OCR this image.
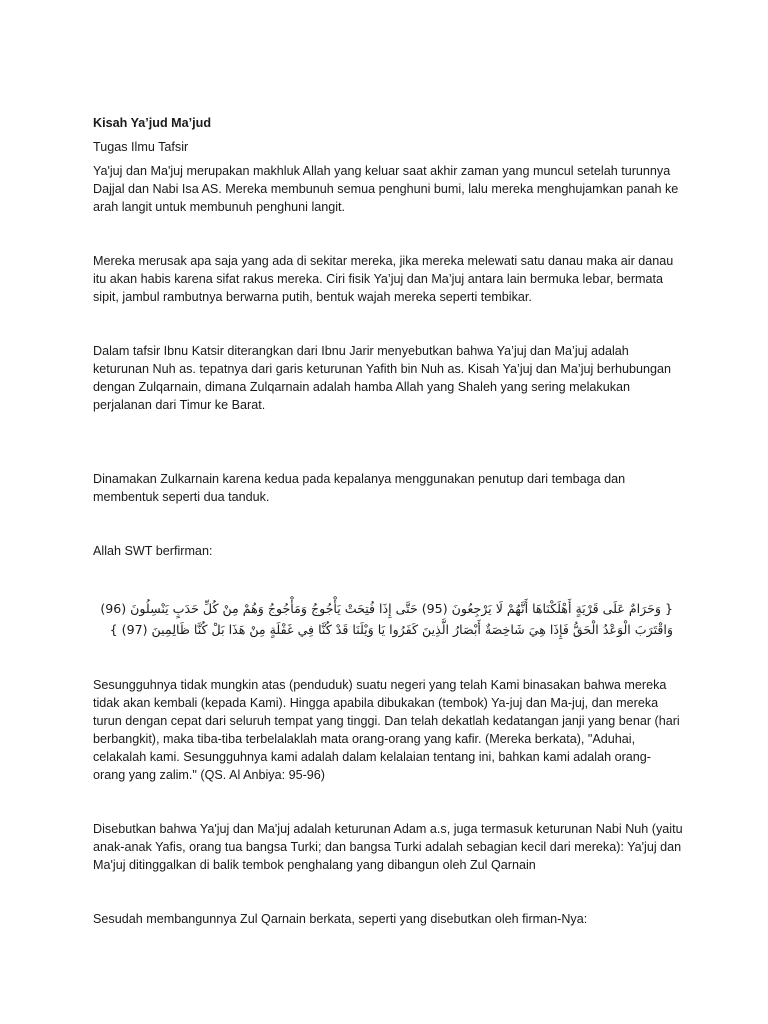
Kisah Ya’jud Ma’jud

Tugas Ilmu Tafsir

Ya'juj dan Ma'juj merupakan makhluk Allah yang keluar saat akhir zaman yang muncul setelah turunnya Dajjal dan Nabi Isa AS. Mereka membunuh semua penghuni bumi, lalu mereka menghujamkan panah ke arah langit untuk membunuh penghuni langit.

Mereka merusak apa saja yang ada di sekitar mereka, jika mereka melewati satu danau maka air danau itu akan habis karena sifat rakus mereka. Ciri fisik Ya’juj dan Ma’juj antara lain bermuka lebar, bermata sipit, jambul rambutnya berwarna putih, bentuk wajah mereka seperti tembikar.

Dalam tafsir Ibnu Katsir diterangkan dari Ibnu Jarir menyebutkan bahwa Ya’juj dan Ma’juj adalah keturunan Nuh as. tepatnya dari garis keturunan Yafith bin Nuh as. Kisah Ya’juj dan Ma’juj berhubungan dengan Zulqarnain, dimana Zulqarnain adalah hamba Allah yang Shaleh yang sering melakukan perjalanan dari Timur ke Barat.

Dinamakan Zulkarnain karena kedua pada kepalanya menggunakan penutup dari tembaga dan membentuk seperti dua tanduk.

Allah SWT berfirman:

{ وَحَرَامٌ عَلَى قَرْيَةٍ أَهْلَكْنَاهَا أَنَّهُمْ لَا يَرْجِعُونَ (95) حَتَّى إِذَا فُتِحَتْ يَأْجُوجُ وَمَأْجُوجُ وَهُمْ مِنْ كُلِّ حَدَبٍ يَنْسِلُونَ (96) وَاقْتَرَبَ الْوَعْدُ الْحَقُّ فَإِذَا هِيَ شَاخِصَةٌ أَبْصَارُ الَّذِينَ كَفَرُوا يَا وَيْلَنَا قَدْ كُنَّا فِي غَفْلَةٍ مِنْ هَذَا بَلْ كُنَّا ظَالِمِينَ (97) }

Sesungguhnya tidak mungkin atas (penduduk) suatu negeri yang telah Kami binasakan bahwa mereka tidak akan kembali (kepada Kami). Hingga apabila dibukakan (tembok) Ya-juj dan Ma-juj, dan mereka turun dengan cepat dari seluruh tempat yang tinggi. Dan telah dekatlah kedatangan janji yang benar (hari berbangkit), maka tiba-tiba terbelalaklah mata orang-orang yang kafir. (Mereka berkata), "Aduhai, celakalah kami. Sesungguhnya kami adalah dalam kelalaian tentang ini, bahkan kami adalah orang-orang yang zalim." (QS. Al Anbiya: 95-96)

Disebutkan bahwa Ya'juj dan Ma'juj adalah keturunan Adam a.s, juga termasuk keturunan Nabi Nuh (yaitu anak-anak Yafis, orang tua bangsa Turki; dan bangsa Turki adalah sebagian kecil dari mereka): Ya'juj dan Ma'juj ditinggalkan di balik tembok penghalang yang dibangun oleh Zul Qarnain

Sesudah membangunnya Zul Qarnain berkata, seperti yang disebutkan oleh firman-Nya:
